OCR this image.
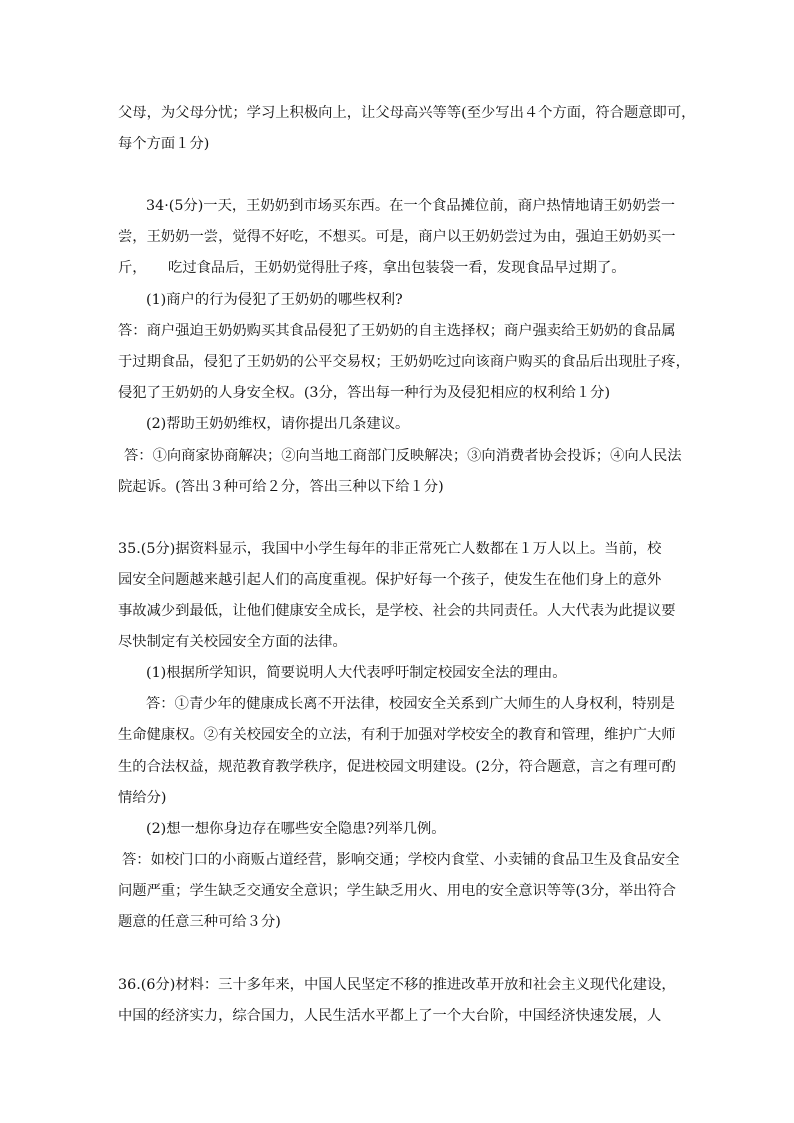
父母，为父母分忧；学习上积极向上，让父母高兴等等(至少写出４个方面，符合题意即可，
每个方面１分)
34·(5分)一天，王奶奶到市场买东西。在一个食品摊位前，商户热情地请王奶奶尝一
尝，王奶奶一尝，觉得不好吃，不想买。可是，商户以王奶奶尝过为由，强迫王奶奶买一
斤，　　吃过食品后，王奶奶觉得肚子疼，拿出包装袋一看，发现食品早过期了。
(1)商户的行为侵犯了王奶奶的哪些权利?
答：商户强迫王奶奶购买其食品侵犯了王奶奶的自主选择权；商户强卖给王奶奶的食品属
于过期食品，侵犯了王奶奶的公平交易权；王奶奶吃过向该商户购买的食品后出现肚子疼，
侵犯了王奶奶的人身安全权。(3分，答出每一种行为及侵犯相应的权利给１分)
(2)帮助王奶奶维权，请你提出几条建议。
答：①向商家协商解决；②向当地工商部门反映解决；③向消费者协会投诉；④向人民法
院起诉。(答出３种可给２分，答出三种以下给１分)
35.(5分)据资料显示，我国中小学生每年的非正常死亡人数都在１万人以上。当前，校
园安全问题越来越引起人们的高度重视。保护好每一个孩子，使发生在他们身上的意外
事故减少到最低，让他们健康安全成长，是学校、社会的共同责任。人大代表为此提议要
尽快制定有关校园安全方面的法律。
(1)根据所学知识，简要说明人大代表呼吁制定校园安全法的理由。
答：①青少年的健康成长离不开法律，校园安全关系到广大师生的人身权利，特别是
生命健康权。②有关校园安全的立法，有利于加强对学校安全的教育和管理，维护广大师
生的合法权益，规范教育教学秩序，促进校园文明建设。(2分，符合题意，言之有理可酌
情给分)
(2)想一想你身边存在哪些安全隐患?列举几例。
答：如校门口的小商贩占道经营，影响交通；学校内食堂、小卖铺的食品卫生及食品安全
问题严重；学生缺乏交通安全意识；学生缺乏用火、用电的安全意识等等(3分，举出符合
题意的任意三种可给３分)
36.(6分)材料：三十多年来，中国人民坚定不移的推进改革开放和社会主义现代化建设，
中国的经济实力，综合国力，人民生活水平都上了一个大台阶，中国经济快速发展，人
